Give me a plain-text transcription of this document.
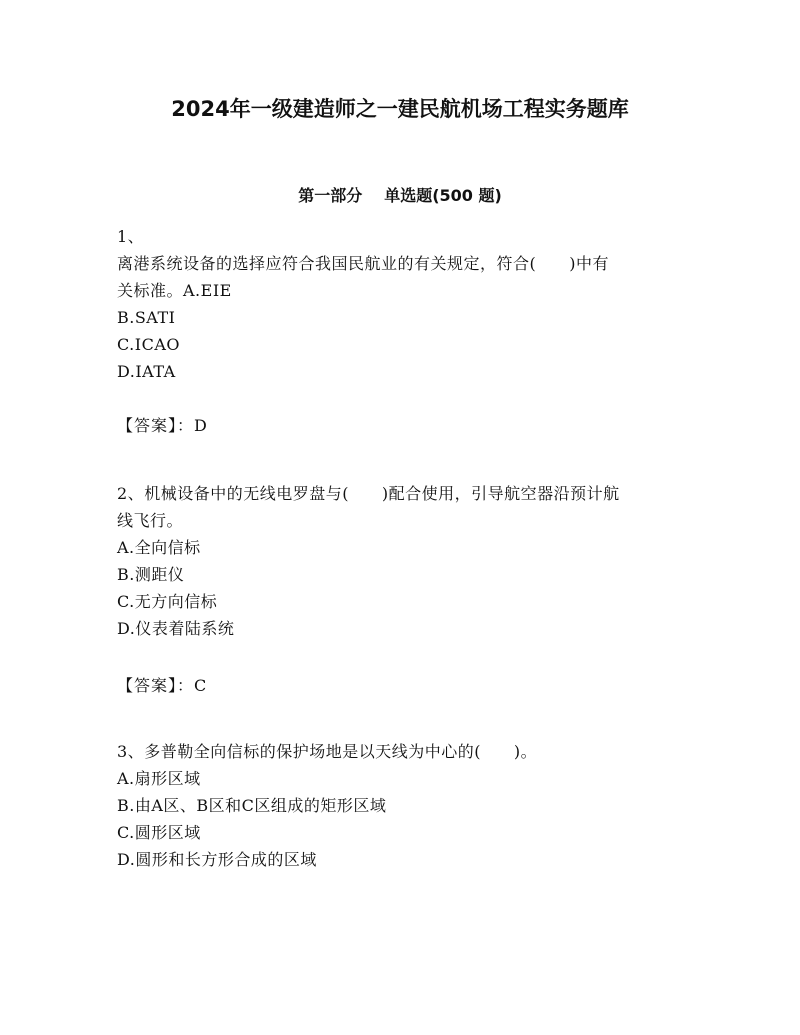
2024年一级建造师之一建民航机场工程实务题库
第一部分 单选题(500 题)
1、
离港系统设备的选择应符合我国民航业的有关规定，符合(　　)中有
关标准。A.EIE
B.SATI
C.ICAO
D.IATA
【答案】：D
2、机械设备中的无线电罗盘与(　　)配合使用，引导航空器沿预计航
线飞行。
A.全向信标
B.测距仪
C.无方向信标
D.仪表着陆系统
【答案】：C
3、多普勒全向信标的保护场地是以天线为中心的(　　)。
A.扇形区域
B.由A区、B区和C区组成的矩形区域
C.圆形区域
D.圆形和长方形合成的区域
